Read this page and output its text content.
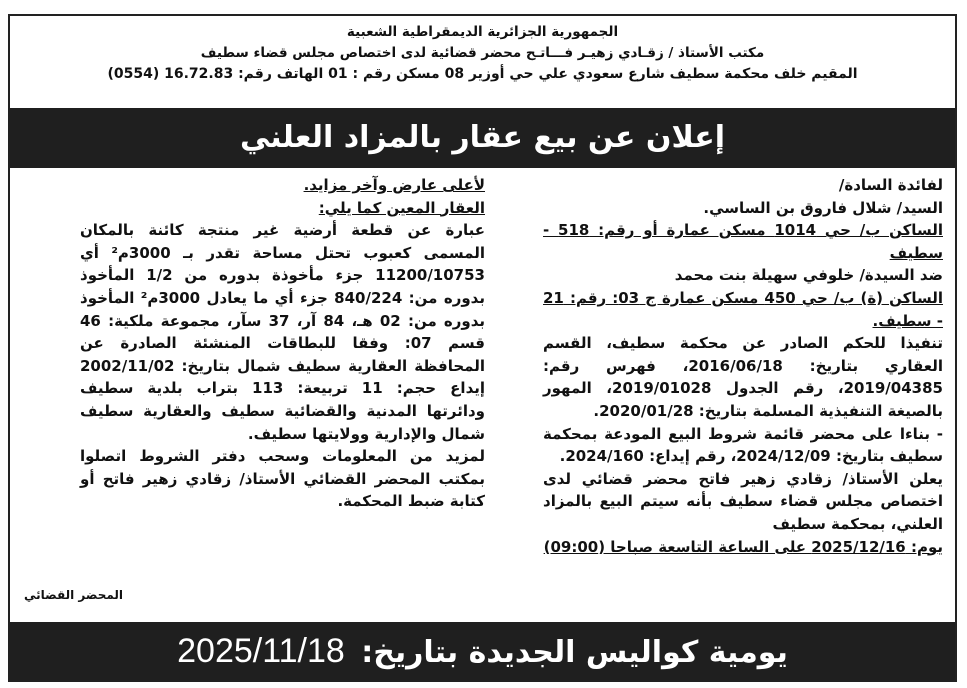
الجمهورية الجزائرية الديمقراطية الشعبية
مكتب الأستاذ / زقـادي زهيـر فـــاتـح محضر قضائية لدى اختصاص مجلس قضاء سطيف
المقيم خلف محكمة سطيف شارع سعودي علي حي أوزير 08 مسكن رقم : 01 الهاتف رقم: 16.72.83 (0554)
إعلان عن بيع عقار بالمزاد العلني

لفائدة السادة/

السيد/ شلال فاروق بن الساسي.

الساكن ب/ حي 1014 مسكن عمارة أو رقم: 518 - سطيف

ضد السيدة/ خلوفي سهيلة بنت محمد

الساكن (ة) ب/ حي 450 مسكن عمارة ج 03: رقم: 21 - سطيف.

تنفيذا للحكم الصادر عن محكمة سطيف، القسم العقاري بتاريخ: 2016/06/18، فهرس رقم: 2019/04385، رقم الجدول 2019/01028، المهور بالصيغة التنفيذية المسلمة بتاريخ: 2020/01/28.

- بناءا على محضر قائمة شروط البيع المودعة بمحكمة سطيف بتاريخ: 2024/12/09، رقم إيداع: 2024/160.

يعلن الأستاذ/ زقادي زهير فاتح محضر قضائي لدى اختصاص مجلس قضاء سطيف بأنه سيتم البيع بالمزاد العلني، بمحكمة سطيف

يوم: 2025/12/16 على الساعة التاسعة صباحا (09:00)

لأعلى عارض وآخر مزايد.

العقار المعين كما يلي:

عبارة عن قطعة أرضية غير منتجة كائنة بالمكان المسمى كعبوب تحتل مساحة تقدر بـ 3000م² أي 11200/10753 جزء مأخوذة بدوره من 1/2 المأخوذ بدوره من: 840/224 جزء أي ما يعادل 3000م² المأخوذ بدوره من: 02 هـ، 84 آر، 37 سآر، مجموعة ملكية: 46 قسم 07: وفقا للبطاقات المنشئة الصادرة عن المحافظة العقارية سطيف شمال بتاريخ: 2002/11/02 إيداع حجم: 11 تربيعة: 113 بتراب بلدية سطيف ودائرتها المدنية والقضائية سطيف والعقارية سطيف شمال والإدارية وولايتها سطيف.

لمزيد من المعلومات وسحب دفتر الشروط اتصلوا بمكتب المحضر القضائي الأستاذ/ زقادي زهير فاتح أو كتابة ضبط المحكمة.

المحضر القضائي
يومية كواليس الجديدة بتاريخ: 2025/11/18
